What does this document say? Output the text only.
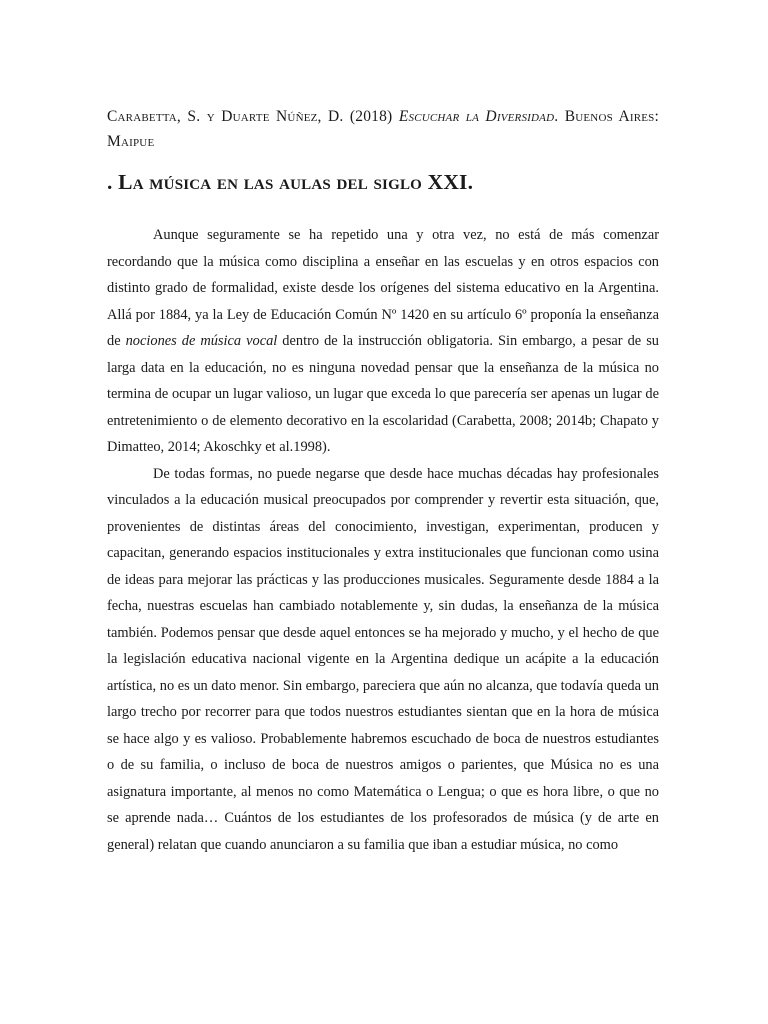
Carabetta, S. y Duarte Núñez, D. (2018) Escuchar la Diversidad. Buenos Aires: Maipue
. La música en las aulas del siglo XXI.

Aunque seguramente se ha repetido una y otra vez, no está de más comenzar recordando que la música como disciplina a enseñar en las escuelas y en otros espacios con distinto grado de formalidad, existe desde los orígenes del sistema educativo en la Argentina. Allá por 1884, ya la Ley de Educación Común Nº 1420 en su artículo 6º proponía la enseñanza de nociones de música vocal dentro de la instrucción obligatoria. Sin embargo, a pesar de su larga data en la educación, no es ninguna novedad pensar que la enseñanza de la música no termina de ocupar un lugar valioso, un lugar que exceda lo que parecería ser apenas un lugar de entretenimiento o de elemento decorativo en la escolaridad (Carabetta, 2008; 2014b; Chapato y Dimatteo, 2014; Akoschky et al.1998).

De todas formas, no puede negarse que desde hace muchas décadas hay profesionales vinculados a la educación musical preocupados por comprender y revertir esta situación, que, provenientes de distintas áreas del conocimiento, investigan, experimentan, producen y capacitan, generando espacios institucionales y extra institucionales que funcionan como usina de ideas para mejorar las prácticas y las producciones musicales. Seguramente desde 1884 a la fecha, nuestras escuelas han cambiado notablemente y, sin dudas, la enseñanza de la música también. Podemos pensar que desde aquel entonces se ha mejorado y mucho, y el hecho de que la legislación educativa nacional vigente en la Argentina dedique un acápite a la educación artística, no es un dato menor. Sin embargo, pareciera que aún no alcanza, que todavía queda un largo trecho por recorrer para que todos nuestros estudiantes sientan que en la hora de música se hace algo y es valioso. Probablemente habremos escuchado de boca de nuestros estudiantes o de su familia, o incluso de boca de nuestros amigos o parientes, que Música no es una asignatura importante, al menos no como Matemática o Lengua; o que es hora libre, o que no se aprende nada… Cuántos de los estudiantes de los profesorados de música (y de arte en general) relatan que cuando anunciaron a su familia que iban a estudiar música, no como
